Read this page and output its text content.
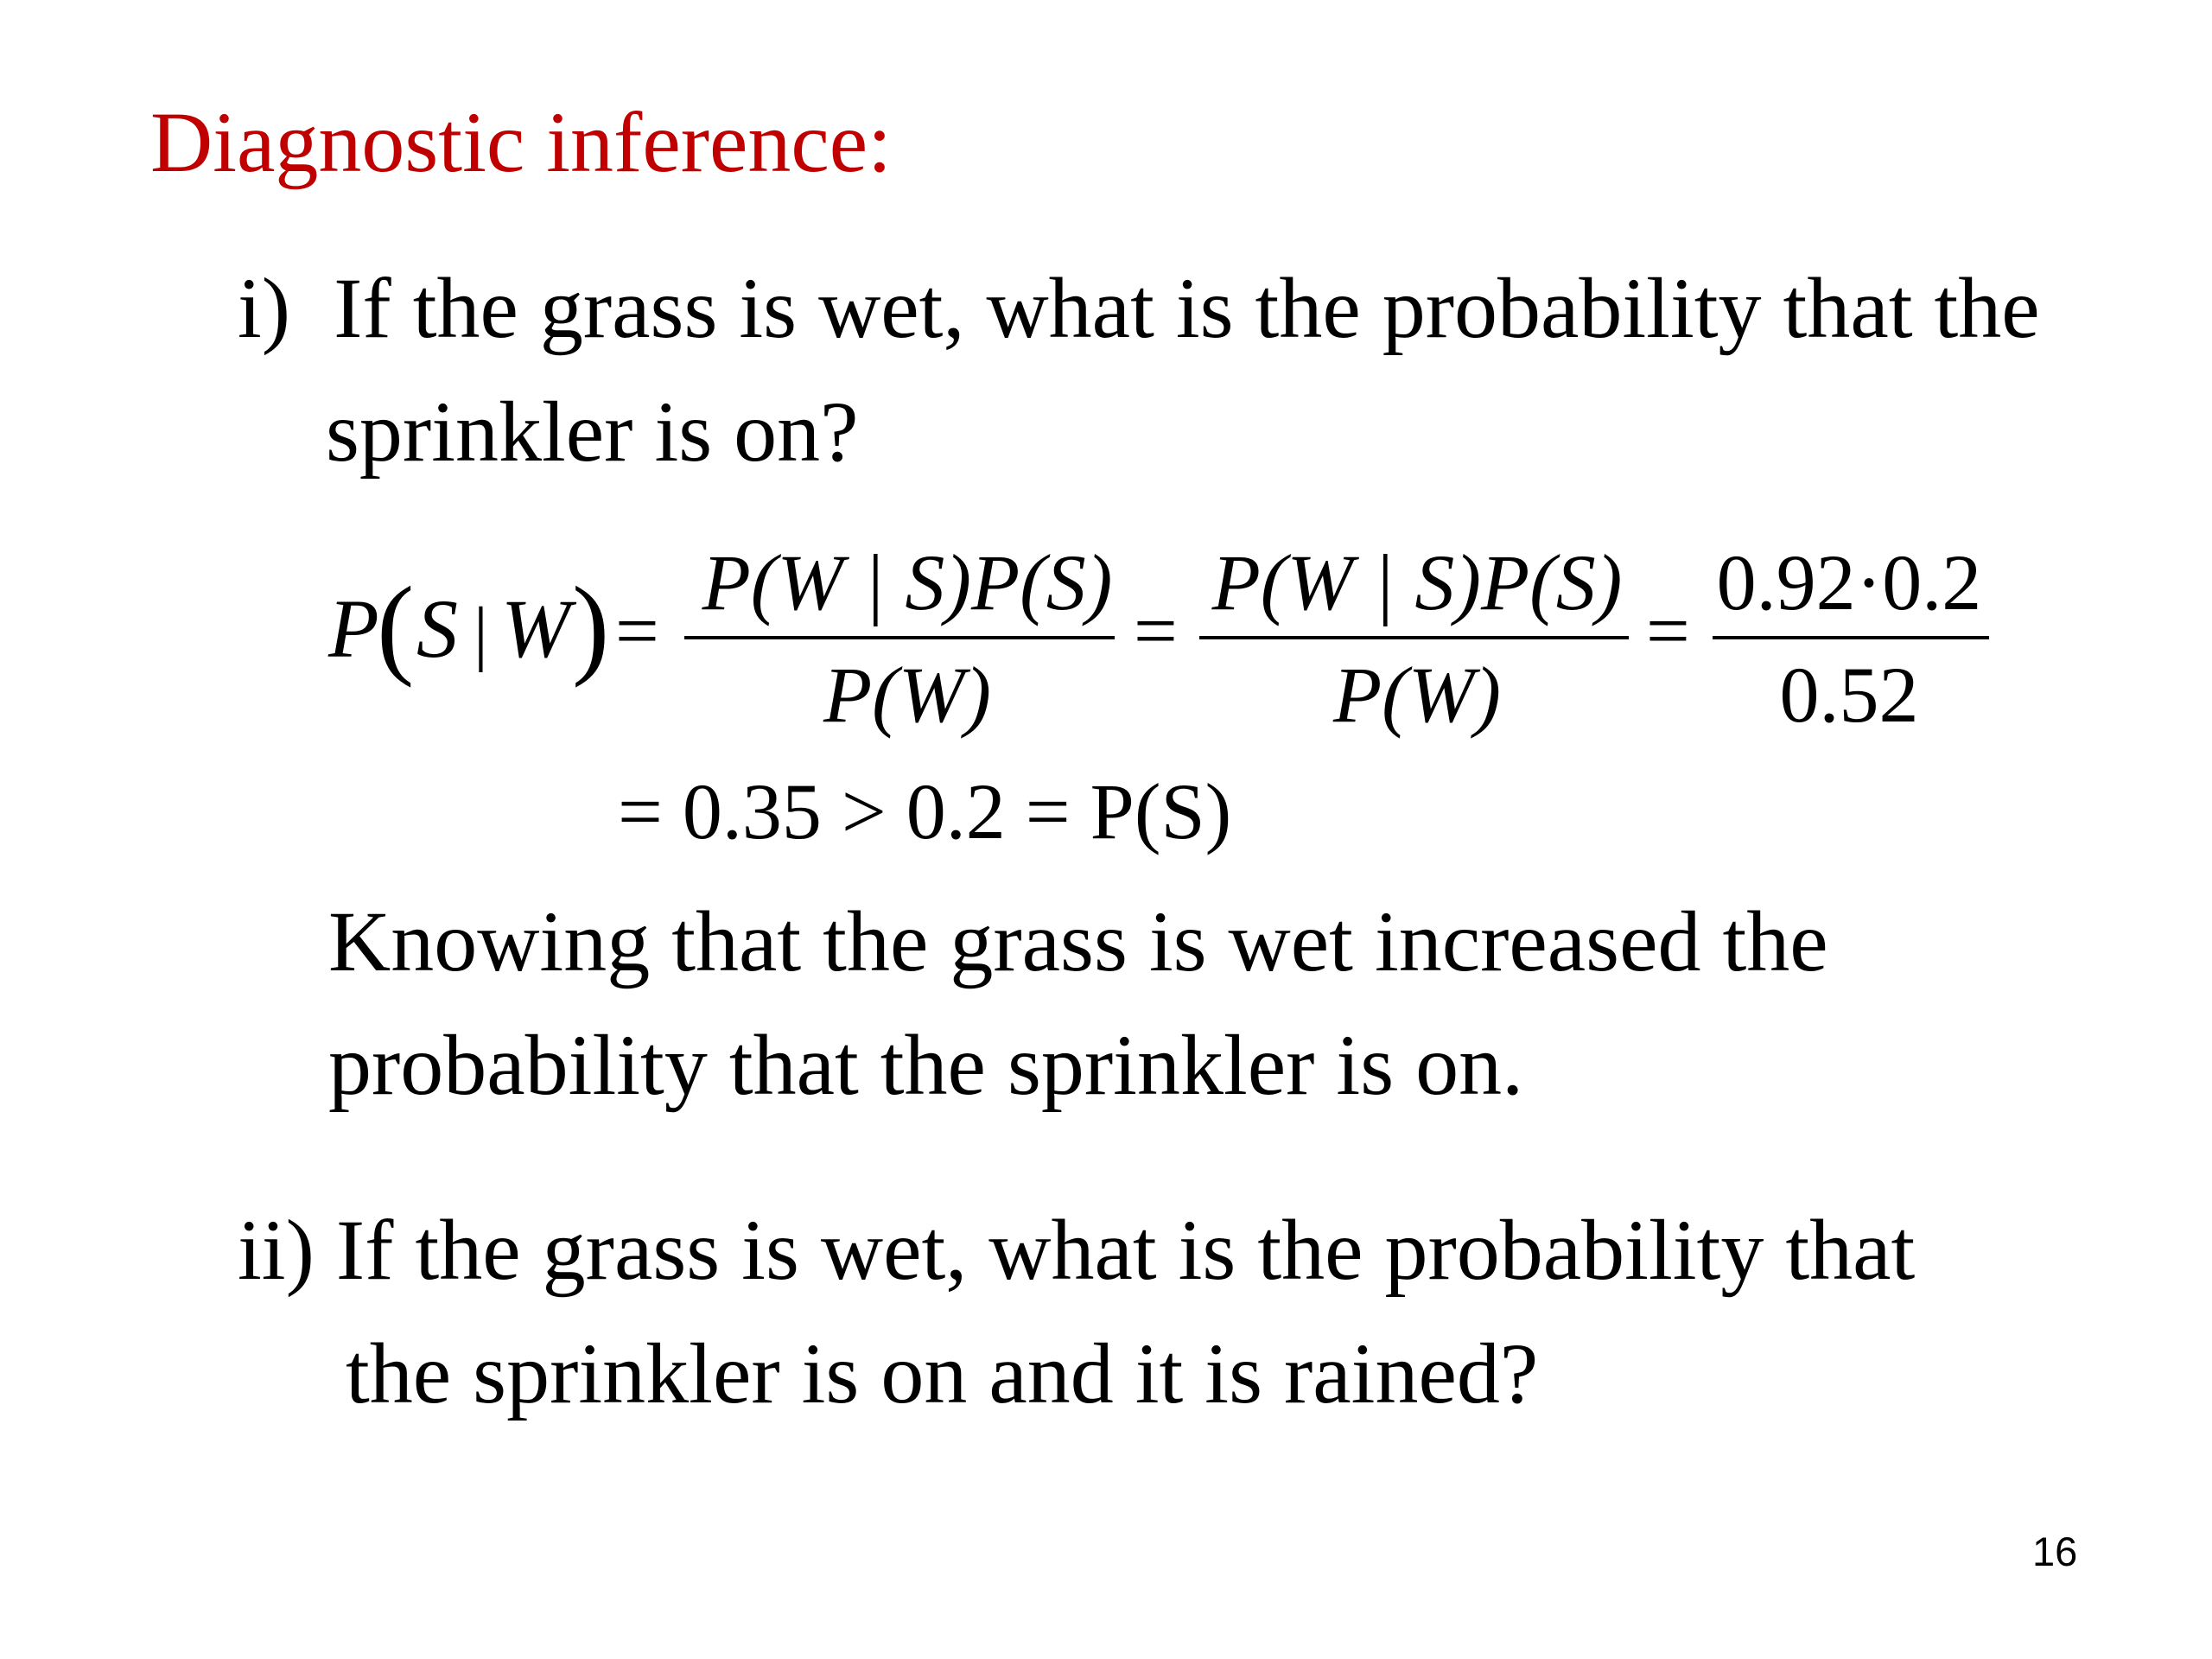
Diagnostic inference:
i) If the grass is wet, what is the probability that the
sprinkler is on?
P
( S | W ) =
P(W | S)P(S)
P(W)
=
P(W | S)P(S)
P(W)
=
0.92·0.2
0.52
= 0.35 > 0.2 = P(S)
Knowing that the grass is wet increased the
probability that the sprinkler is on.
ii) If the grass is wet, what is the probability that
the sprinkler is on and it is rained?
16
